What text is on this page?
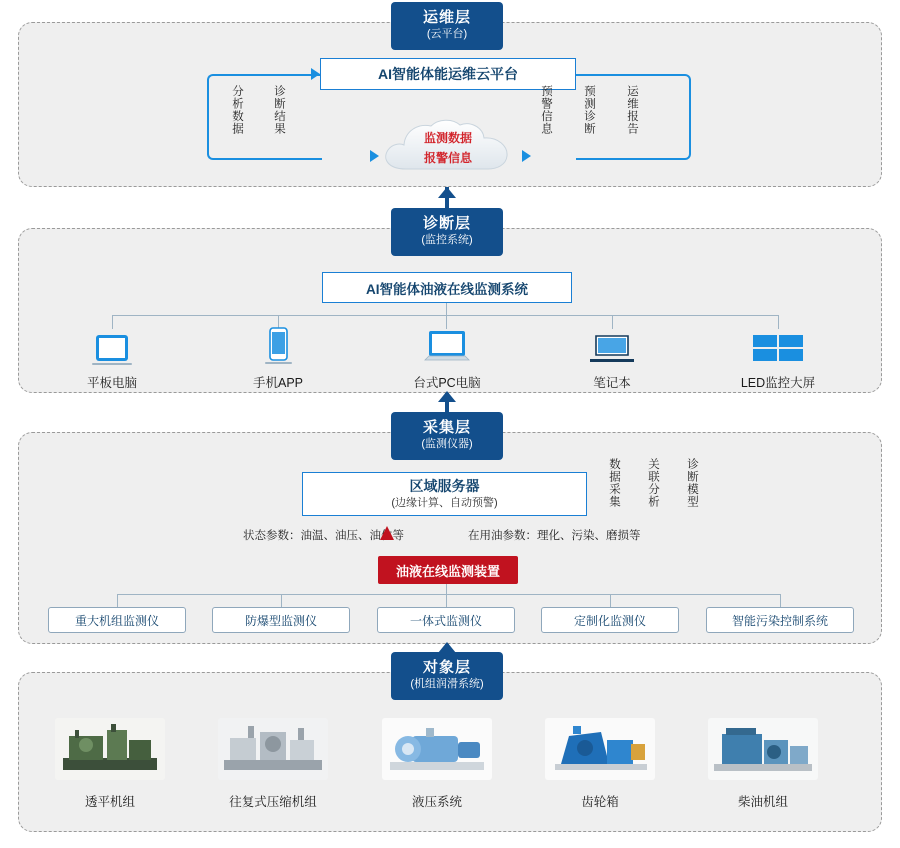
运维层
(云平台)
诊断层
(监控系统)
采集层
(监测仪器)
对象层
(机组润滑系统)
AI智能体能运维云平台
监测数据
报警信息
分析数据	诊断结果	预警信息	预测诊断	运维报告
AI智能体油液在线监测系统
平板电脑	手机APP	台式PC电脑	笔记本	LED监控大屏
区域服务器
(边缘计算、自动预警)	数据采集 关联分析 诊断模型
状态参数：油温、油压、油位等	在用油参数：理化、污染、磨损等
油液在线监测装置
重大机组监测仪	防爆型监测仪	一体式监测仪	定制化监测仪	智能污染控制系统
透平机组	往复式压缩机组	液压系统	齿轮箱	柴油机组
